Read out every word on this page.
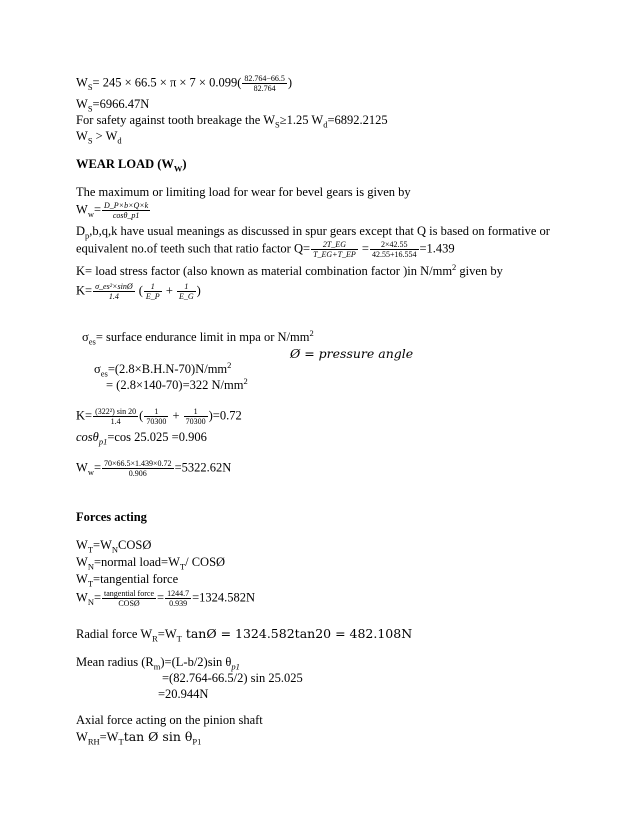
$W_S= 245 \times 66.5 \times \pi \times 7 \times 0.099( \frac{82.764-66.5}{82.764}$ )
$W_S=6966.47N$
For safety against tooth breakage the $W_S\ge 1.25$ $W_d=6892.2125$
$W_S > W_d$
WEAR LOAD $(W_W)$
The maximum or limiting load for wear for bevel gears is given by
$W_w= \frac{D\_P\times b\times Q\times k}{\cos\theta\_p1}$
$D_p,b,q,k$ have usual meanings as discussed in spur gears except that Q is based on formative or
equivalent no.of teeth such that ratio factor $Q= \frac{2T\_EG}{T\_EG+T\_EP} = \frac{2\times 42.55}{42.55+16.554} =1.439$
K= load stress factor (also known as material combination factor )in $N/mm^2$ given by
$K= \frac{\text{σ\_es²×sinØ}}{1.4}$ ( $\frac{1}{E\_P} + \frac{1}{E\_G}$ )
$\sigma_{es}=$ surface endurance limit in mpa or $N/mm^2$
Ø = pressure angle
$\sigma_{es}=(2.8\times B.H.N-70)N/mm^2$
= (2.8×140-70)=322 $N/mm^2$
$K= \frac{\text{(322²) sin 20}}{1.4}$ ( $\frac{1}{70300} + \frac{1}{70300} )=0.72$
cosθ$_{p1}$=cos 25.025 =0.906
$W_w= \frac{70\times 66.5\times 1.439\times 0.72}{0.906} =5322.62N$
Forces acting
$W_T=W_NCOSØ$
$W_N=normal$ $load=W_T/$ COSØ
$W_T=tangential$ force
$W_N= \frac{\text{tangential force}}{\text{COSØ}} = \frac{1244.7}{0.939} =1324.582N$
Radial force $W_R=W_T$ tanØ = 1324.582tan20 = 482.108N
Mean radius $(R_m)=(L-b/2)\sin$ $\theta_{p1}$
=(82.764-66.5/2) sin 25.025
=20.944N
Axial force acting on the pinion shaft
$W_{RH}=W_T\tan$ Ø $\sin \theta_{P1}$
